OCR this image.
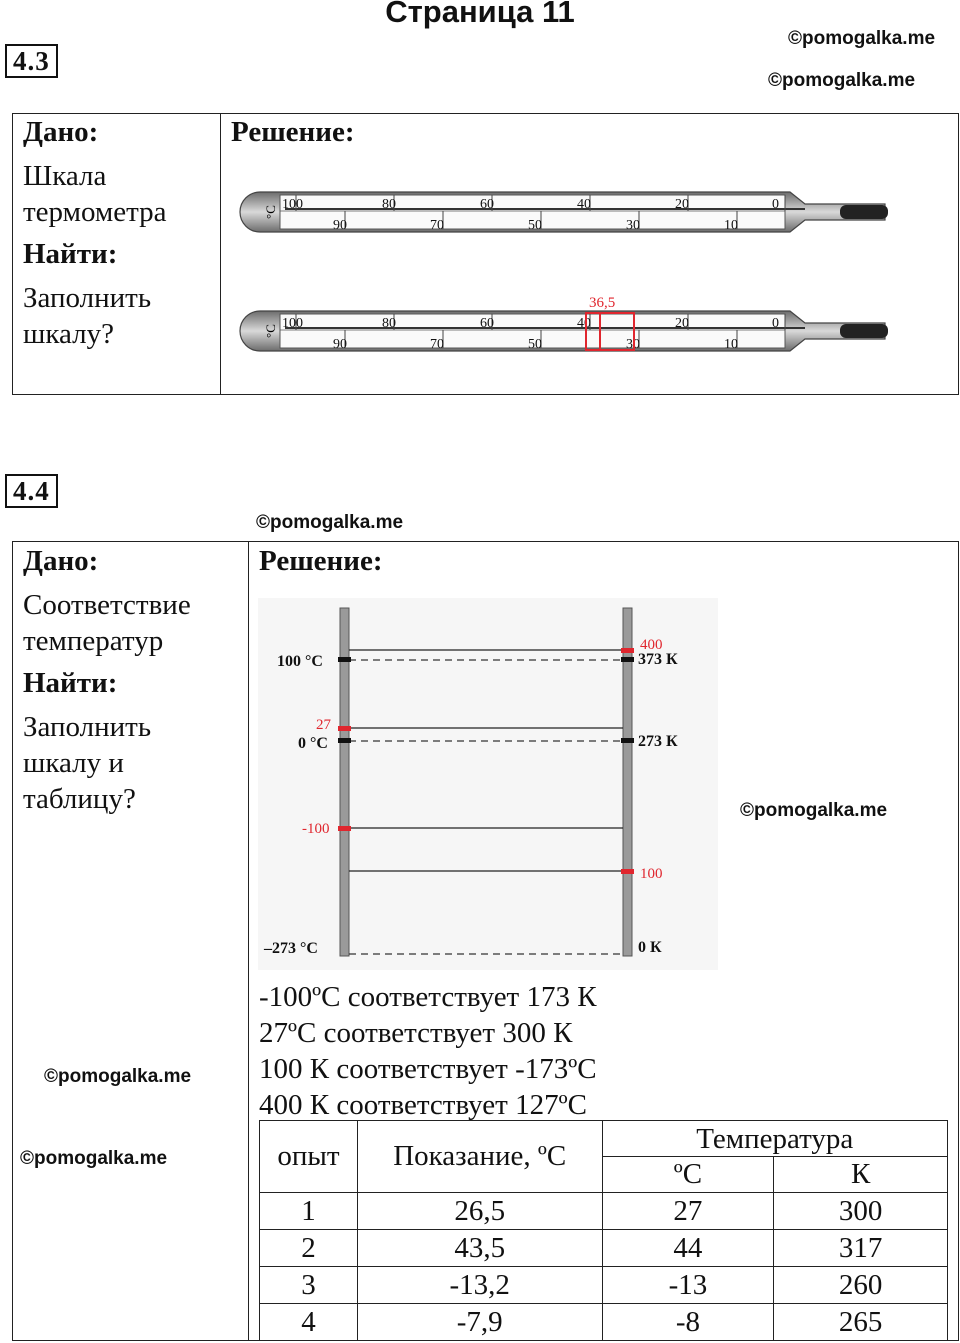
Страница 11
©pomogalka.me
©pomogalka.me
4.3
Дано:
Шкала
термометра
Найти:
Заполнить
шкалу?
Решение:
°C
100	80	60	40	20	0
90	70	50	30	10
°C
100	80	60	40	20	0
90	70	50	30	10
36,5
4.4
©pomogalka.me
Дано:
Соответствие
температур
Найти:
Заполнить
шкалу и
таблицу?
©pomogalka.me
©pomogalka.me
Решение:
©pomogalka.me
100 °C
0 °C
–273 °C
373 К
273 К
0 К
400
27
-100
100
-100ºС соответствует 173 К
27ºС соответствует 300 К
100 К соответствует -173ºС
400 К соответствует 127ºС
опыт	Показание, ºС	Температура	
		ºС	К
1	26,5	27	300
2	43,5	44	317
3	-13,2	-13	260
4	-7,9	-8	265
